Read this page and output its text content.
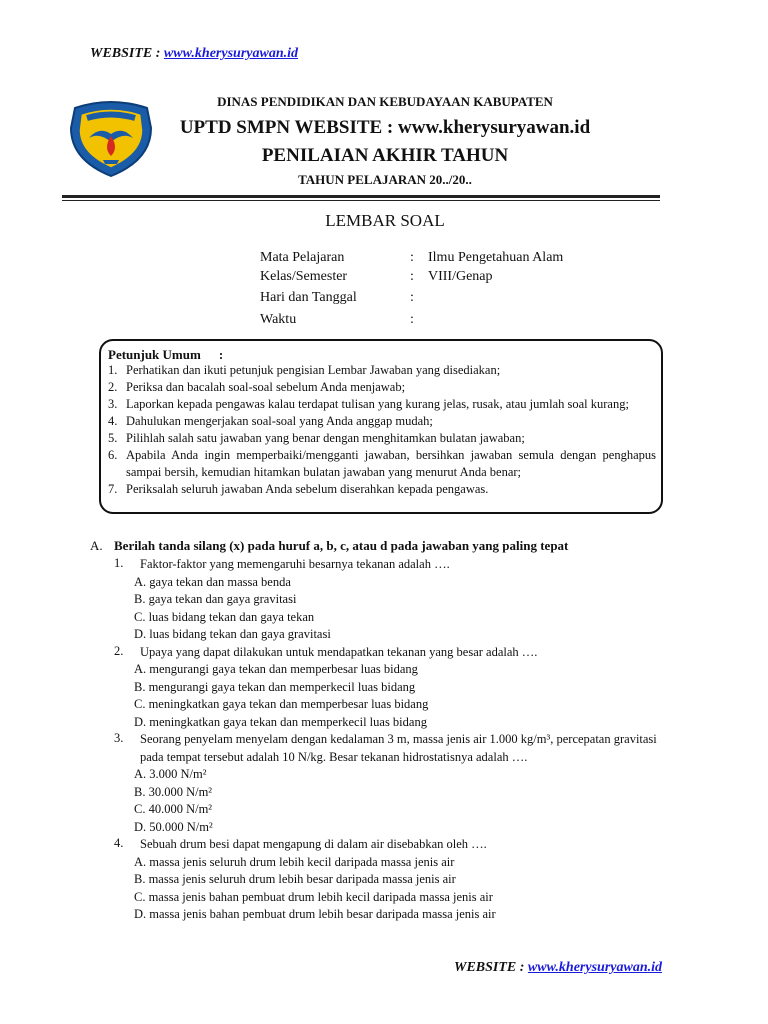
WEBSITE : www.kherysuryawan.id
DINAS PENDIDIKAN DAN KEBUDAYAAN KABUPATEN
UPTD SMPN WEBSITE : www.kherysuryawan.id
PENILAIAN AKHIR TAHUN
TAHUN PELAJARAN 20../20..
LEMBAR SOAL
Mata Pelajaran	: Ilmu Pengetahuan Alam
Kelas/Semester	: VIII/Genap
Hari dan Tanggal	:
Waktu	:
Petunjuk Umum :
1. Perhatikan dan ikuti petunjuk pengisian Lembar Jawaban yang disediakan;
2. Periksa dan bacalah soal-soal sebelum Anda menjawab;
3. Laporkan kepada pengawas kalau terdapat tulisan yang kurang jelas, rusak, atau jumlah soal kurang;
4. Dahulukan mengerjakan soal-soal yang Anda anggap mudah;
5. Pilihlah salah satu jawaban yang benar dengan menghitamkan bulatan jawaban;
6. Apabila Anda ingin memperbaiki/mengganti jawaban, bersihkan jawaban semula dengan penghapus sampai bersih, kemudian hitamkan bulatan jawaban yang menurut Anda benar;
7. Periksalah seluruh jawaban Anda sebelum diserahkan kepada pengawas.
A. Berilah tanda silang (x) pada huruf a, b, c, atau d pada jawaban yang paling tepat
1.	Faktor-faktor yang memengaruhi besarnya tekanan adalah ….
A. gaya tekan dan massa benda
B. gaya tekan dan gaya gravitasi
C. luas bidang tekan dan gaya tekan
D. luas bidang tekan dan gaya gravitasi
2.	Upaya yang dapat dilakukan untuk mendapatkan tekanan yang besar adalah ….
A. mengurangi gaya tekan dan memperbesar luas bidang
B. mengurangi gaya tekan dan memperkecil luas bidang
C. meningkatkan gaya tekan dan memperbesar luas bidang
D. meningkatkan gaya tekan dan memperkecil luas bidang
3.	Seorang penyelam menyelam dengan kedalaman 3 m, massa jenis air 1.000 kg/m³, percepatan gravitasi pada tempat tersebut adalah 10 N/kg. Besar tekanan hidrostatisnya adalah ….
A. 3.000 N/m²
B. 30.000 N/m²
C. 40.000 N/m²
D. 50.000 N/m²
4.	Sebuah drum besi dapat mengapung di dalam air disebabkan oleh ….
A. massa jenis seluruh drum lebih kecil daripada massa jenis air
B. massa jenis seluruh drum lebih besar daripada massa jenis air
C. massa jenis bahan pembuat drum lebih kecil daripada massa jenis air
D. massa jenis bahan pembuat drum lebih besar daripada massa jenis air
WEBSITE : www.kherysuryawan.id
